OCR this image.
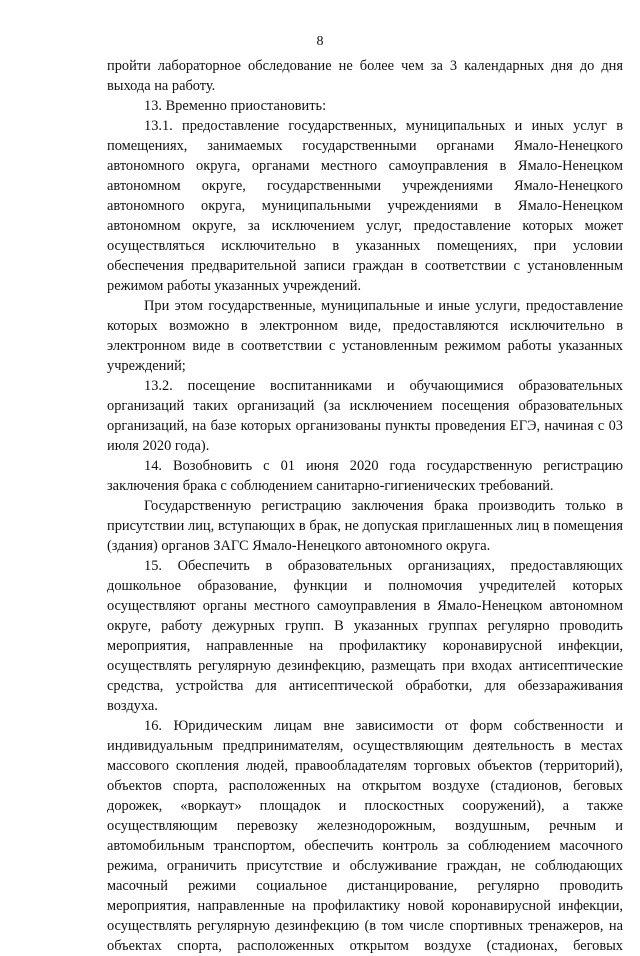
8

пройти лабораторное обследование не более чем за 3 календарных дня до дня выхода на работу.

13. Временно приостановить:

13.1. предоставление государственных, муниципальных и иных услуг в помещениях, занимаемых государственными органами Ямало-Ненецкого автономного округа, органами местного самоуправления в Ямало-Ненецком автономном округе, государственными учреждениями Ямало-Ненецкого автономного округа, муниципальными учреждениями в Ямало-Ненецком автономном округе, за исключением услуг, предоставление которых может осуществляться исключительно в указанных помещениях, при условии обеспечения предварительной записи граждан в соответствии с установленным режимом работы указанных учреждений.

При этом государственные, муниципальные и иные услуги, предоставление которых возможно в электронном виде, предоставляются исключительно в электронном виде в соответствии с установленным режимом работы указанных учреждений;

13.2. посещение воспитанниками и обучающимися образовательных организаций таких организаций (за исключением посещения образовательных организаций, на базе которых организованы пункты проведения ЕГЭ, начиная с 03 июля 2020 года).

14. Возобновить с 01 июня 2020 года государственную регистрацию заключения брака с соблюдением санитарно-гигиенических требований.

Государственную регистрацию заключения брака производить только в присутствии лиц, вступающих в брак, не допуская приглашенных лиц в помещения (здания) органов ЗАГС Ямало-Ненецкого автономного округа.

15. Обеспечить в образовательных организациях, предоставляющих дошкольное образование, функции и полномочия учредителей которых осуществляют органы местного самоуправления в Ямало-Ненецком автономном округе, работу дежурных групп. В указанных группах регулярно проводить мероприятия, направленные на профилактику коронавирусной инфекции, осуществлять регулярную дезинфекцию, размещать при входах антисептические средства, устройства для антисептической обработки, для обеззараживания воздуха.

16. Юридическим лицам вне зависимости от форм собственности и индивидуальным предпринимателям, осуществляющим деятельность в местах массового скопления людей, правообладателям торговых объектов (территорий), объектов спорта, расположенных на открытом воздухе (стадионов, беговых дорожек, «воркаут» площадок и плоскостных сооружений), а также осуществляющим перевозку железнодорожным, воздушным, речным и автомобильным транспортом, обеспечить контроль за соблюдением масочного режима, ограничить присутствие и обслуживание граждан, не соблюдающих масочный режими социальное дистанцирование, регулярно проводить мероприятия, направленные на профилактику новой коронавирусной инфекции, осуществлять регулярную дезинфекцию (в том числе спортивных тренажеров, на объектах спорта, расположенных открытом воздухе (стадионах, беговых
